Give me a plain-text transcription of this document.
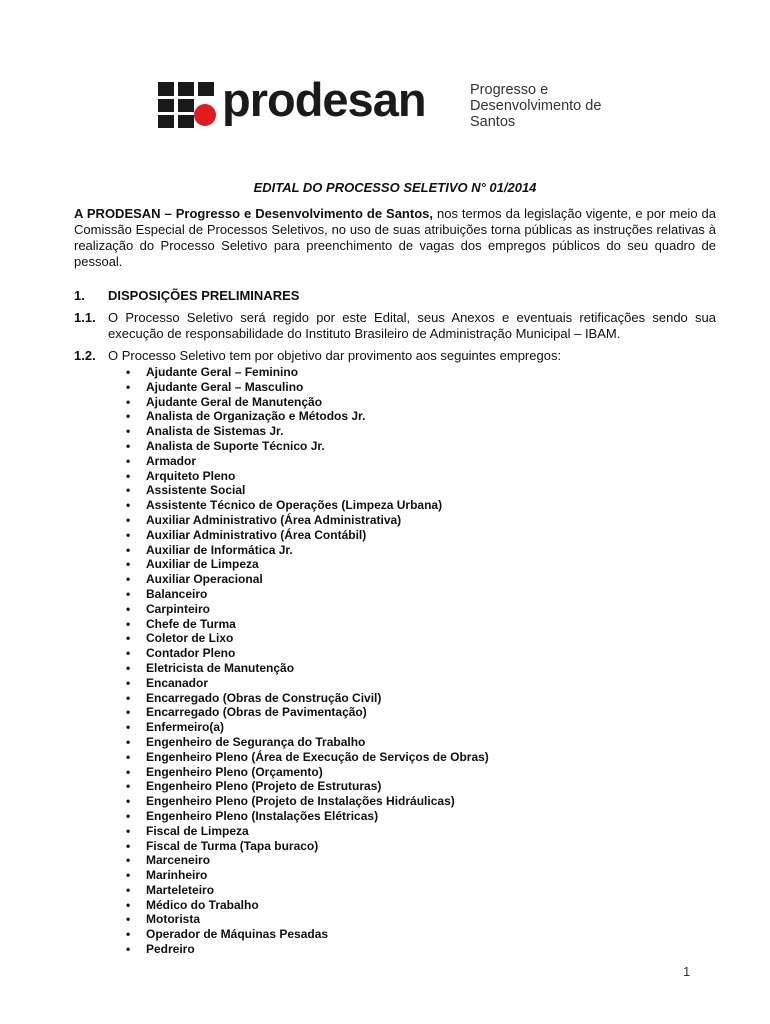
prodesan	Progresso e
Desenvolvimento de
Santos
EDITAL DO PROCESSO SELETIVO N° 01/2014

A PRODESAN – Progresso e Desenvolvimento de Santos, nos termos da legislação vigente, e por meio da Comissão Especial de Processos Seletivos, no uso de suas atribuições torna públicas as instruções relativas à realização do Processo Seletivo para preenchimento de vagas dos empregos públicos do seu quadro de pessoal.

1.	DISPOSIÇÕES PRELIMINARES
1.1. O Processo Seletivo será regido por este Edital, seus Anexos e eventuais retificações sendo sua execução de responsabilidade do Instituto Brasileiro de Administração Municipal – IBAM.
1.2. O Processo Seletivo tem por objetivo dar provimento aos seguintes empregos:
• Ajudante Geral – Feminino
• Ajudante Geral – Masculino
• Ajudante Geral de Manutenção
• Analista de Organização e Métodos Jr.
• Analista de Sistemas Jr.
• Analista de Suporte Técnico Jr.
• Armador
• Arquiteto Pleno
• Assistente Social
• Assistente Técnico de Operações (Limpeza Urbana)
• Auxiliar Administrativo (Área Administrativa)
• Auxiliar Administrativo (Área Contábil)
• Auxiliar de Informática Jr.
• Auxiliar de Limpeza
• Auxiliar Operacional
• Balanceiro
• Carpinteiro
• Chefe de Turma
• Coletor de Lixo
• Contador Pleno
• Eletricista de Manutenção
• Encanador
• Encarregado (Obras de Construção Civil)
• Encarregado (Obras de Pavimentação)
• Enfermeiro(a)
• Engenheiro de Segurança do Trabalho
• Engenheiro Pleno (Área de Execução de Serviços de Obras)
• Engenheiro Pleno (Orçamento)
• Engenheiro Pleno (Projeto de Estruturas)
• Engenheiro Pleno (Projeto de Instalações Hidráulicas)
• Engenheiro Pleno (Instalações Elétricas)
• Fiscal de Limpeza
• Fiscal de Turma (Tapa buraco)
• Marceneiro
• Marinheiro
• Marteleteiro
• Médico do Trabalho
• Motorista
• Operador de Máquinas Pesadas
• Pedreiro
1
